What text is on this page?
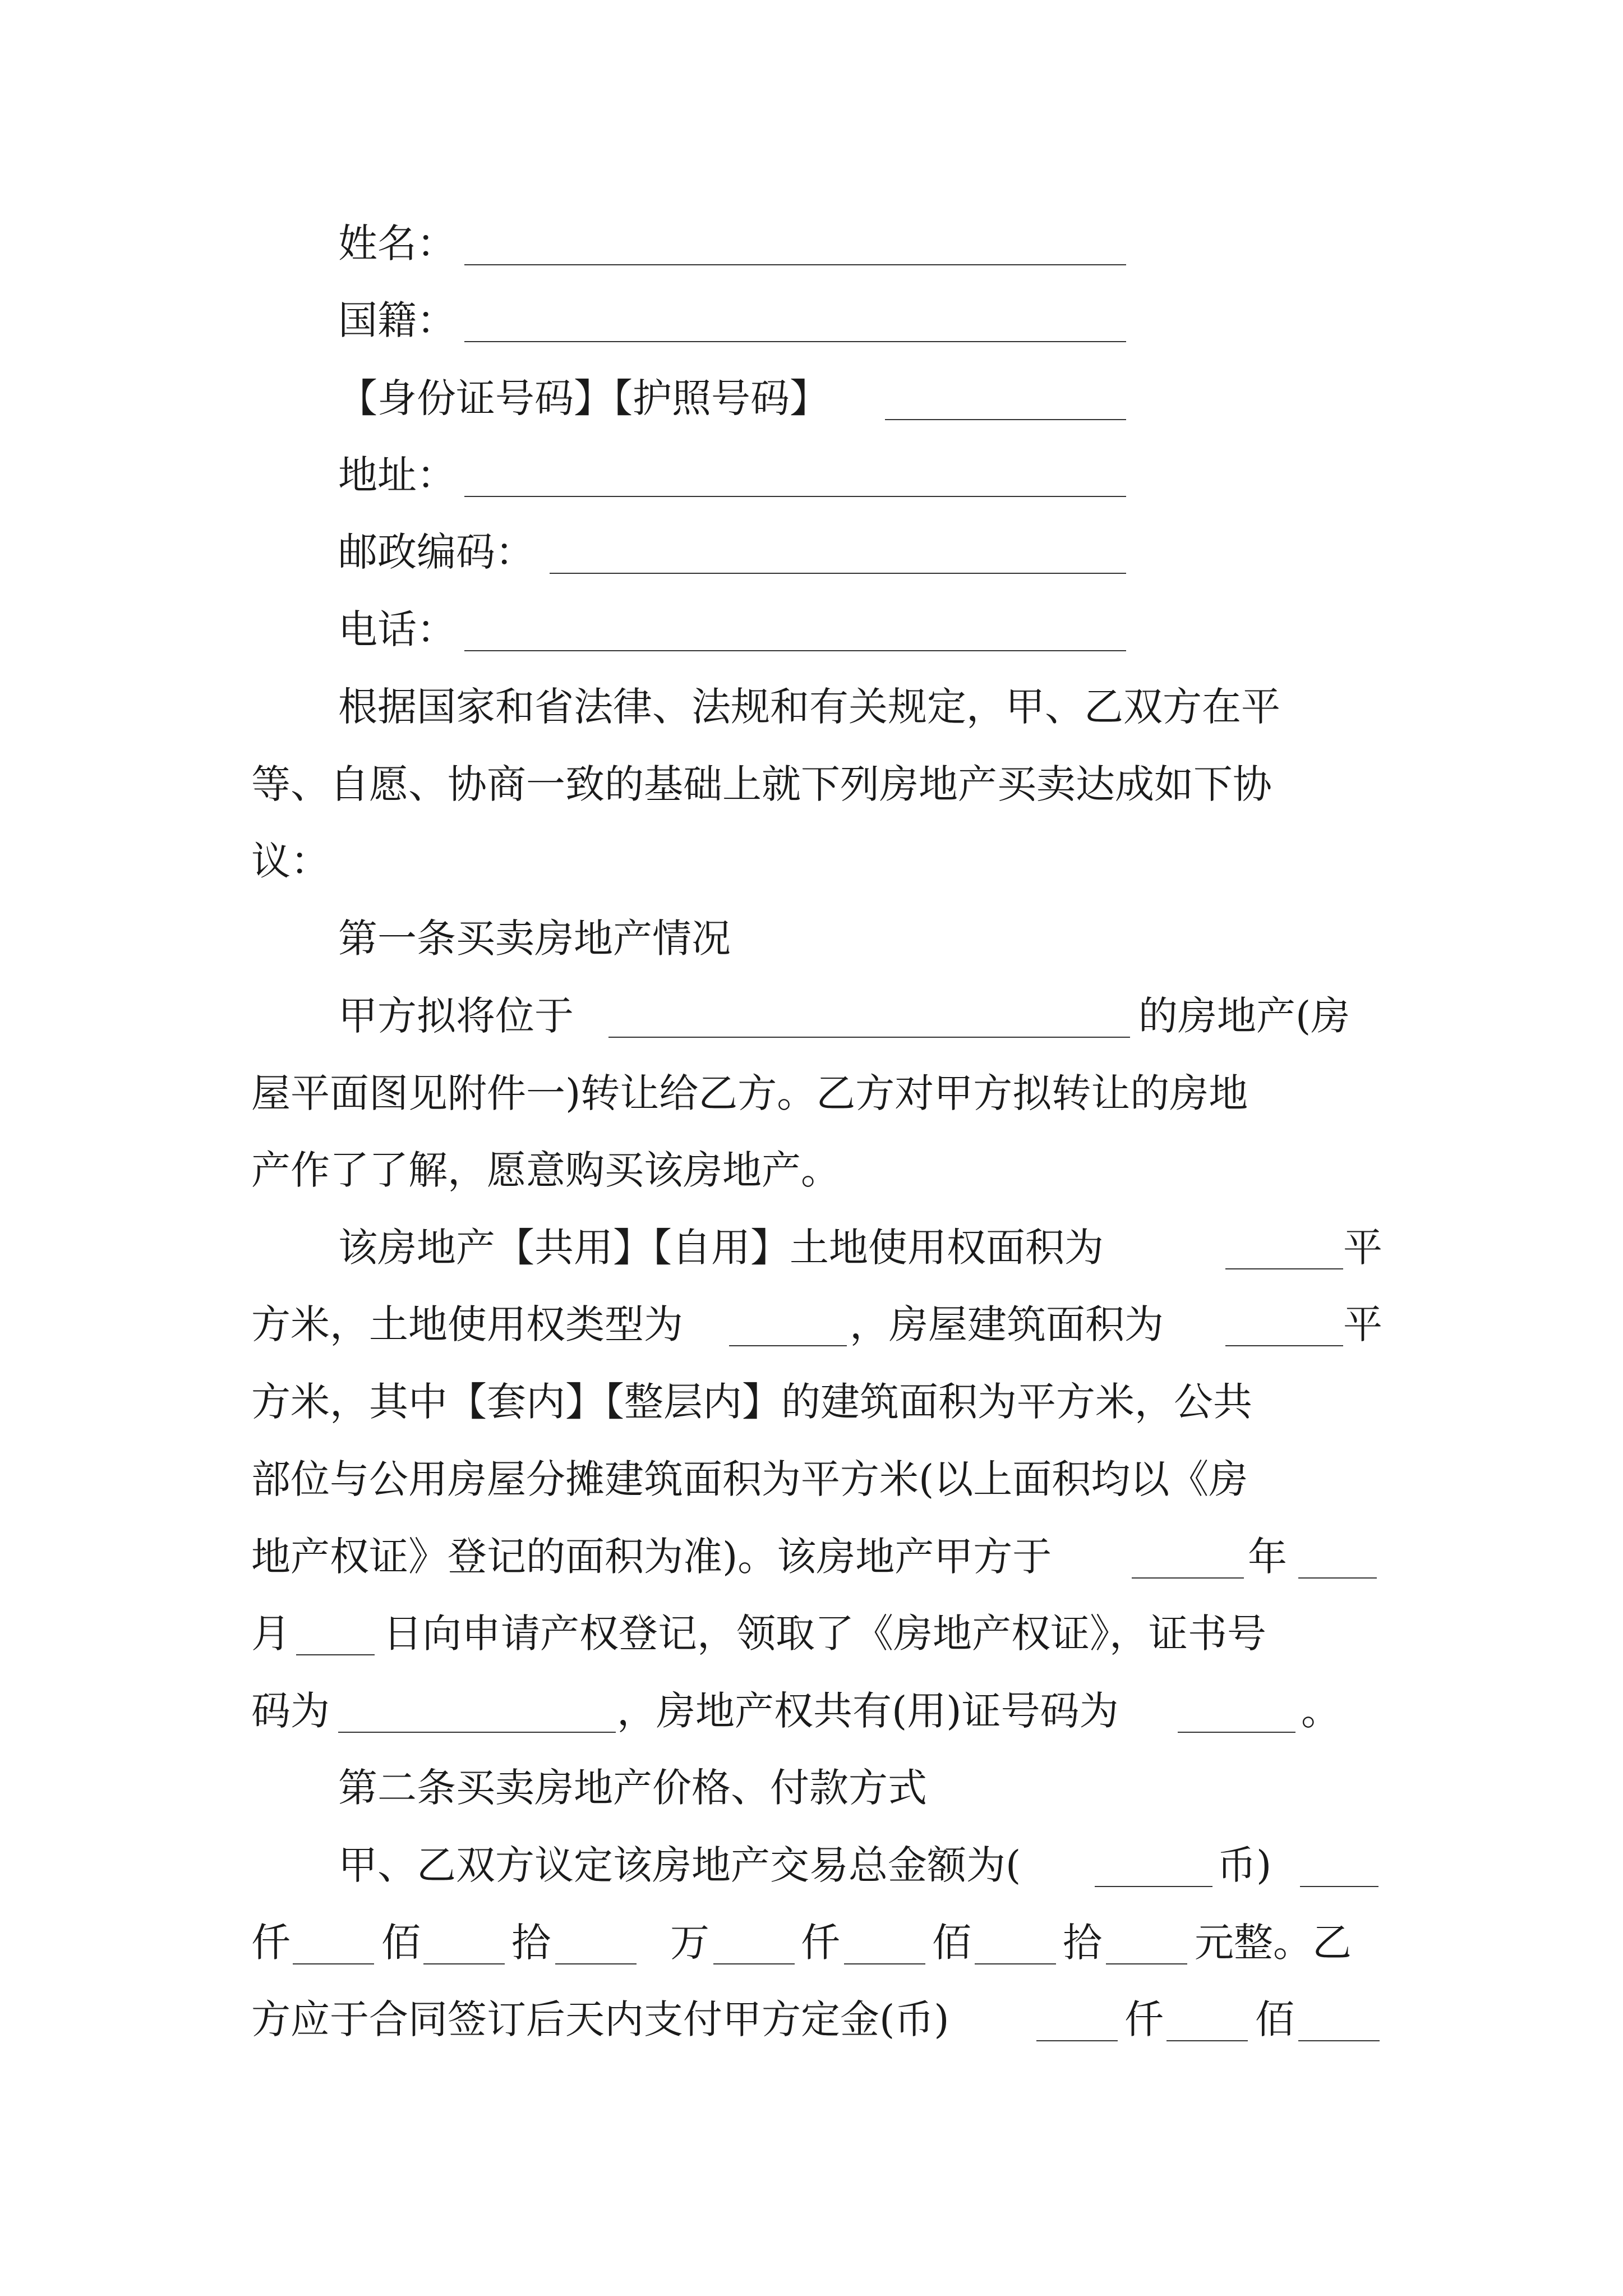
姓名：
国籍：
【身份证号码】【护照号码】
地址：
邮政编码：
电话：
根据国家和省法律、法规和有关规定，甲、乙双方在平
等、自愿、协商一致的基础上就下列房地产买卖达成如下协
议：
第一条买卖房地产情况
甲方拟将位于	的房地产(房
屋平面图见附件一)转让给乙方。乙方对甲方拟转让的房地
产作了了解，愿意购买该房地产。
该房地产【共用】【自用】土地使用权面积为	平
方米，土地使用权类型为	，房屋建筑面积为	平
方米，其中【套内】【整层内】的建筑面积为平方米，公共
部位与公用房屋分摊建筑面积为平方米(以上面积均以《房
地产权证》登记的面积为准)。该房地产甲方于	年
月 日向申请产权登记，领取了《房地产权证》，证书号
码为	，房地产权共有(用)证号码为	。
第二条买卖房地产价格、付款方式
甲、乙双方议定该房地产交易总金额为(	币)
仟 佰 拾	万 仟 佰 拾 元整。乙
方应于合同签订后天内支付甲方定金(币)	仟 佰
